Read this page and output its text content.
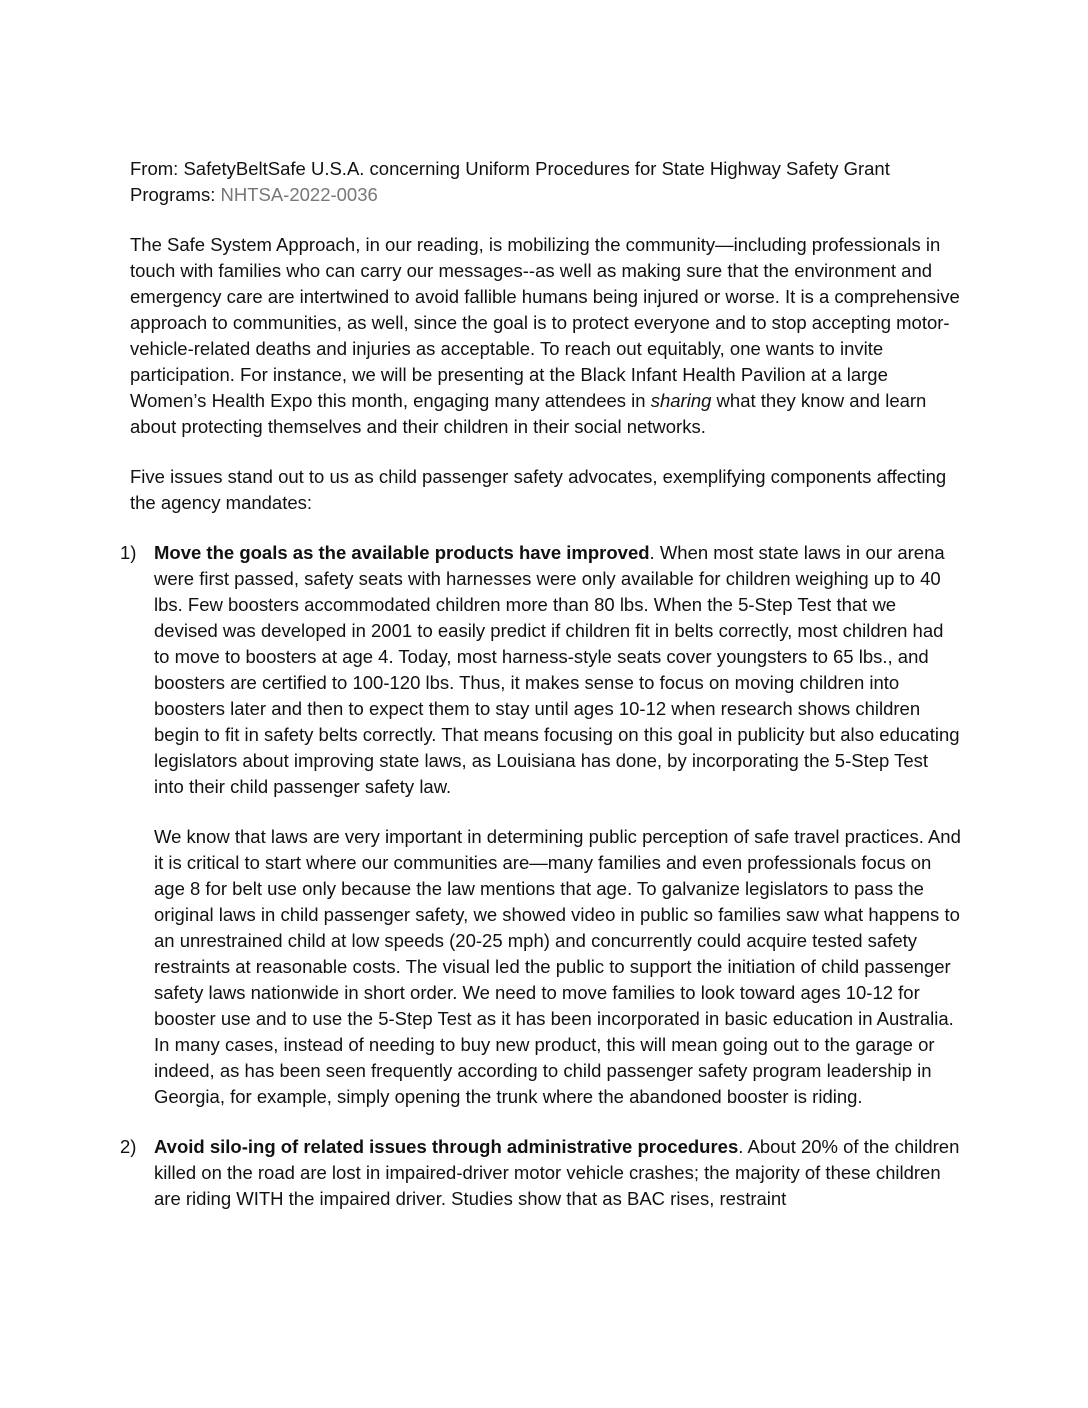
From: SafetyBeltSafe U.S.A. concerning Uniform Procedures for State Highway Safety Grant Programs: NHTSA-2022-0036

The Safe System Approach, in our reading, is mobilizing the community—including professionals in touch with families who can carry our messages--as well as making sure that the environment and emergency care are intertwined to avoid fallible humans being injured or worse. It is a comprehensive approach to communities, as well, since the goal is to protect everyone and to stop accepting motor-vehicle-related deaths and injuries as acceptable. To reach out equitably, one wants to invite participation. For instance, we will be presenting at the Black Infant Health Pavilion at a large Women’s Health Expo this month, engaging many attendees in sharing what they know and learn about protecting themselves and their children in their social networks.

Five issues stand out to us as child passenger safety advocates, exemplifying components affecting the agency mandates:

1) Move the goals as the available products have improved. When most state laws in our arena were first passed, safety seats with harnesses were only available for children weighing up to 40 lbs. Few boosters accommodated children more than 80 lbs. When the 5-Step Test that we devised was developed in 2001 to easily predict if children fit in belts correctly, most children had to move to boosters at age 4. Today, most harness-style seats cover youngsters to 65 lbs., and boosters are certified to 100-120 lbs. Thus, it makes sense to focus on moving children into boosters later and then to expect them to stay until ages 10-12 when research shows children begin to fit in safety belts correctly. That means focusing on this goal in publicity but also educating legislators about improving state laws, as Louisiana has done, by incorporating the 5-Step Test into their child passenger safety law.

We know that laws are very important in determining public perception of safe travel practices. And it is critical to start where our communities are—many families and even professionals focus on age 8 for belt use only because the law mentions that age. To galvanize legislators to pass the original laws in child passenger safety, we showed video in public so families saw what happens to an unrestrained child at low speeds (20-25 mph) and concurrently could acquire tested safety restraints at reasonable costs. The visual led the public to support the initiation of child passenger safety laws nationwide in short order. We need to move families to look toward ages 10-12 for booster use and to use the 5-Step Test as it has been incorporated in basic education in Australia. In many cases, instead of needing to buy new product, this will mean going out to the garage or indeed, as has been seen frequently according to child passenger safety program leadership in Georgia, for example, simply opening the trunk where the abandoned booster is riding.

2) Avoid silo-ing of related issues through administrative procedures. About 20% of the children killed on the road are lost in impaired-driver motor vehicle crashes; the majority of these children are riding WITH the impaired driver. Studies show that as BAC rises, restraint
